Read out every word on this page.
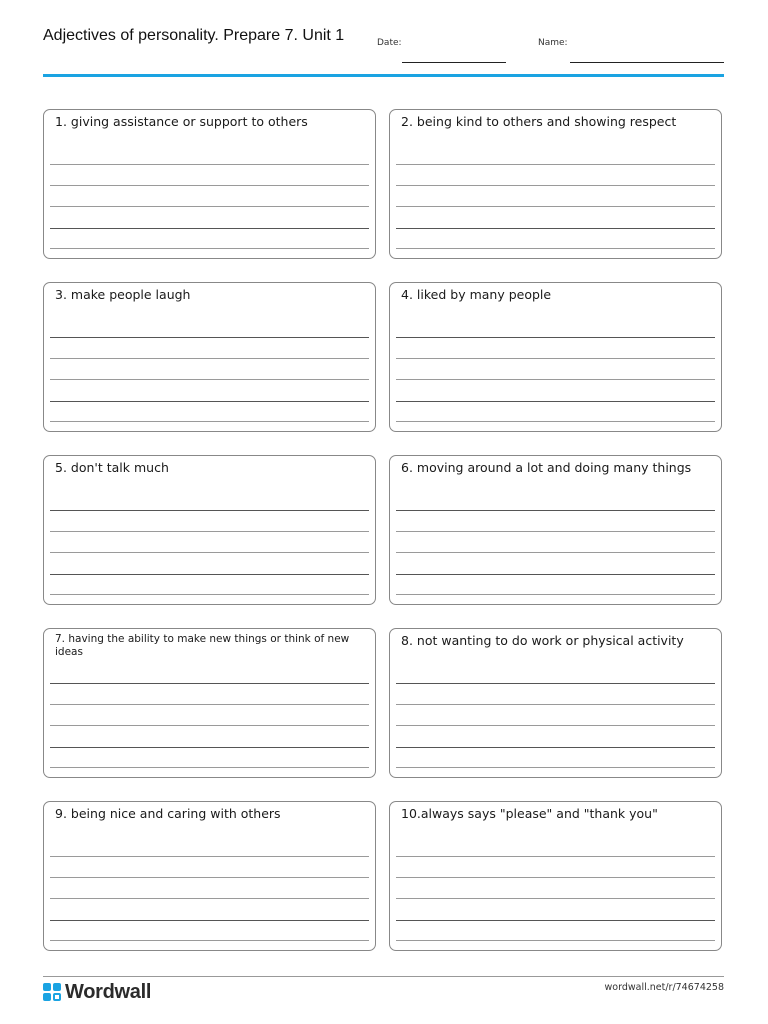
Adjectives of personality. Prepare 7. Unit 1	Date:	Name:
1. giving assistance or support to others	2. being kind to others and showing respect
3. make people laugh	4. liked by many people
5. don't talk much	6. moving around a lot and doing many things
7. having the ability to make new things or think of new ideas
8. not wanting to do work or physical activity
9. being nice and caring with others	10.always says "please" and "thank you"
Wordwall	wordwall.net/r/74674258
